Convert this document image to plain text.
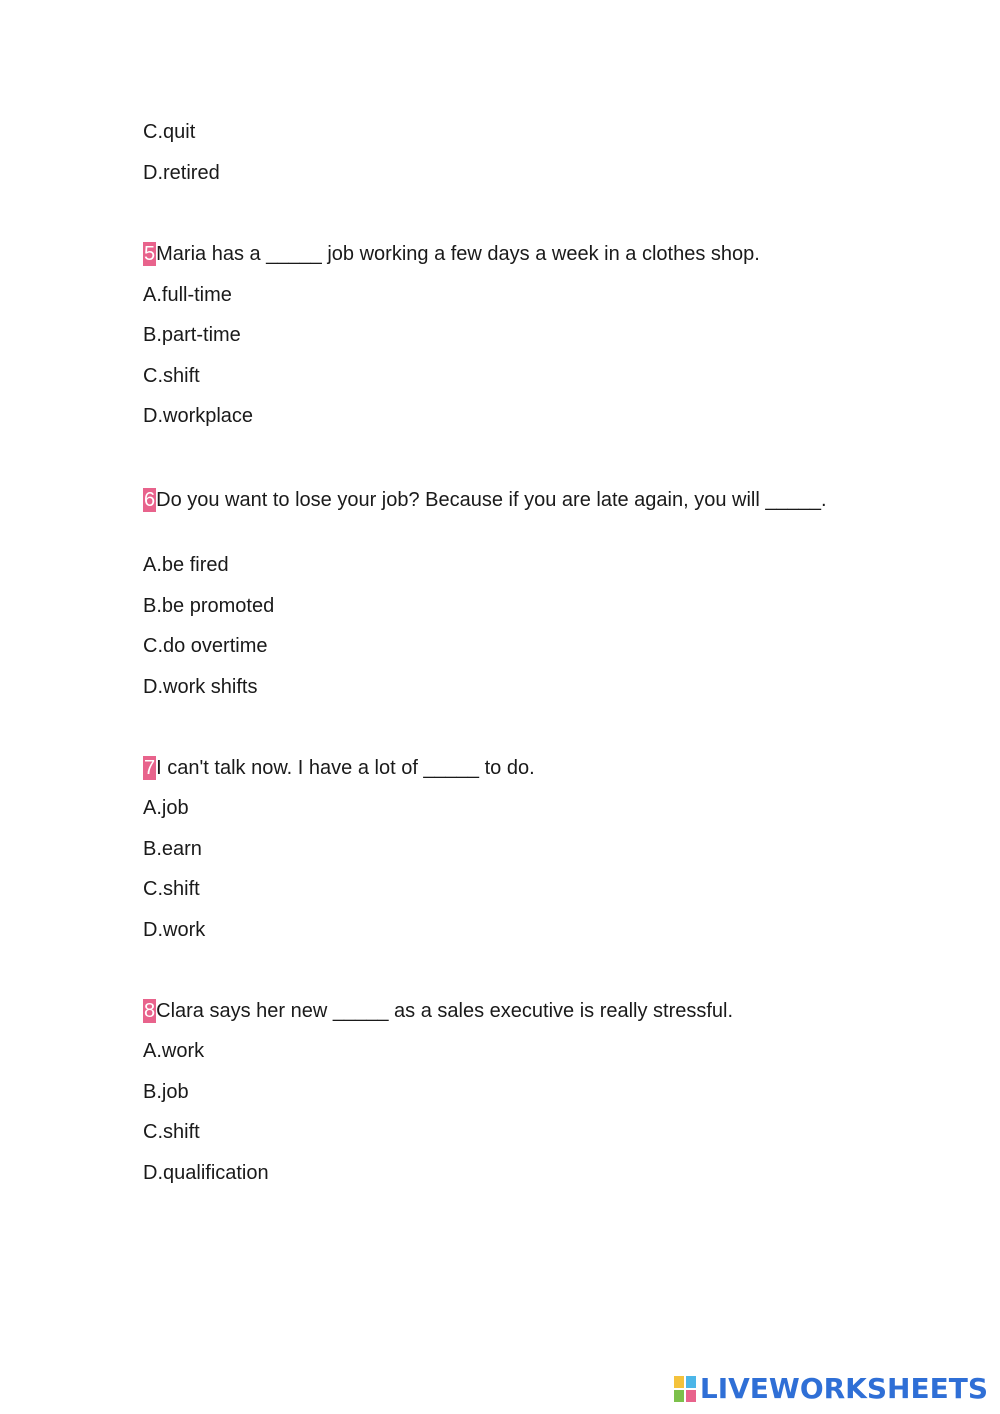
C.quit
D.retired
5Maria has a _____ job working a few days a week in a clothes shop.
A.full-time
B.part-time
C.shift
D.workplace
6Do you want to lose your job? Because if you are late again, you will _____.
A.be fired
B.be promoted
C.do overtime
D.work shifts
7I can't talk now. I have a lot of _____ to do.
A.job
B.earn
C.shift
D.work
8Clara says her new _____ as a sales executive is really stressful.
A.work
B.job
C.shift
D.qualification
LIVEWORKSHEETS
